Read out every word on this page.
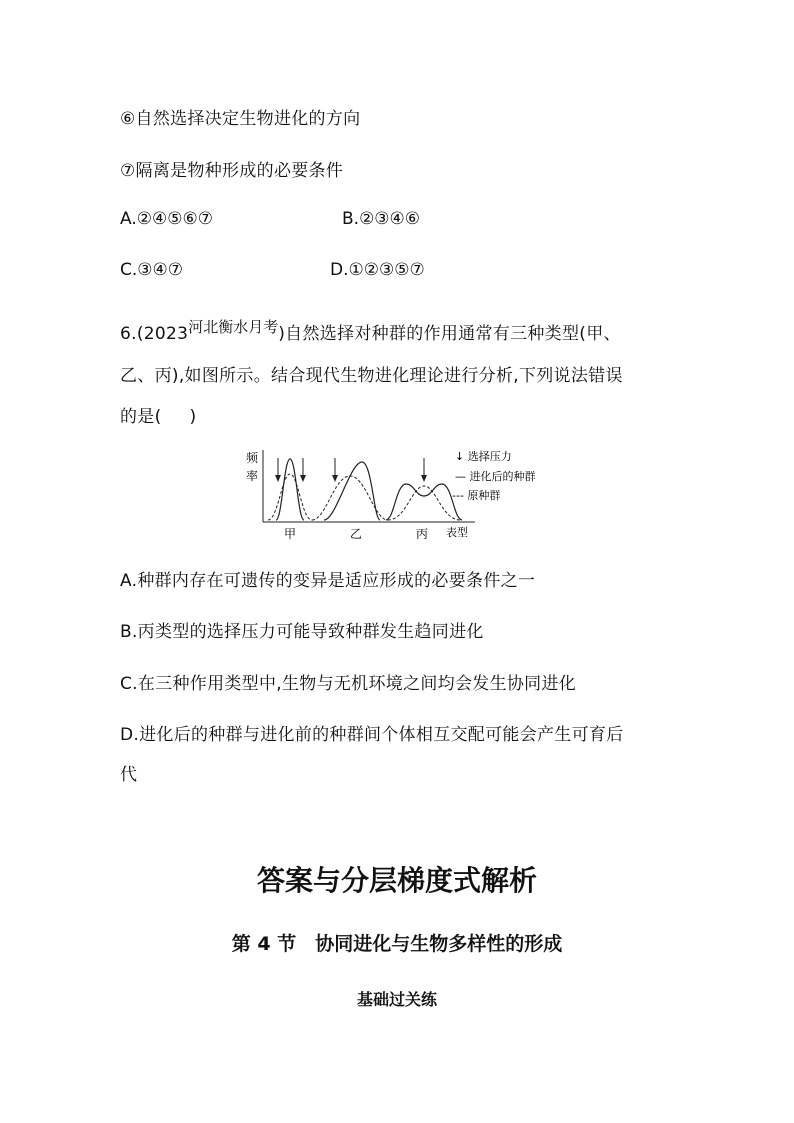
⑥自然选择决定生物进化的方向
⑦隔离是物种形成的必要条件
A.②④⑤⑥⑦	B.②③④⑥
C.③④⑦	D.①②③⑤⑦
6.(2023河北衡水月考)自然选择对种群的作用通常有三种类型(甲、
乙、丙),如图所示。结合现代生物进化理论进行分析,下列说法错误
的是( )
频
率
甲	乙	丙 表型
↓ 选择压力
— 进化后的种群
--- 原种群
A.种群内存在可遗传的变异是适应形成的必要条件之一
B.丙类型的选择压力可能导致种群发生趋同进化
C.在三种作用类型中,生物与无机环境之间均会发生协同进化
D.进化后的种群与进化前的种群间个体相互交配可能会产生可育后
代
答案与分层梯度式解析
第 4 节　协同进化与生物多样性的形成
基础过关练
